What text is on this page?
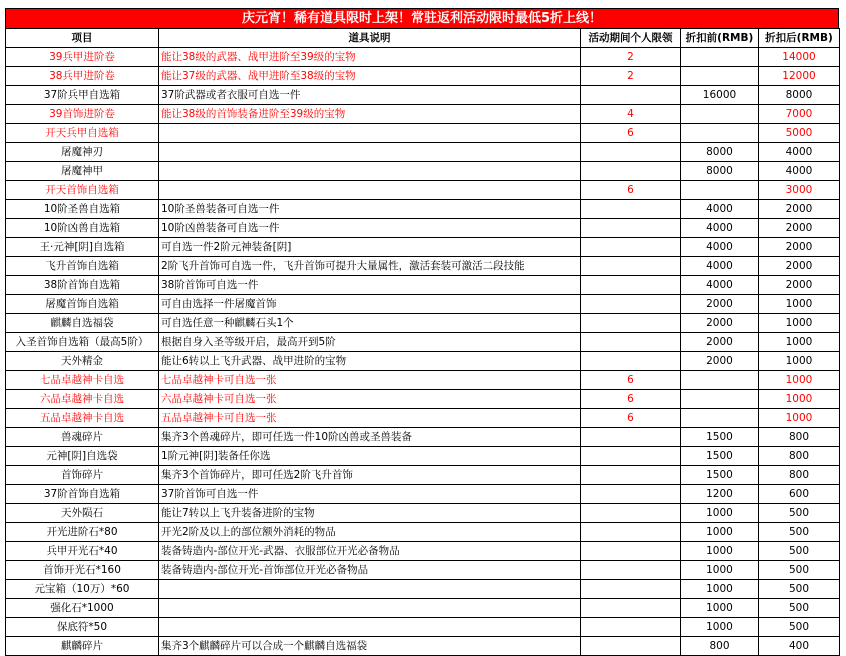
庆元宵！稀有道具限时上架！常驻返利活动限时最低5折上线！
项目	道具说明	活动期间个人限领	折扣前(RMB)	折扣后(RMB)
39兵甲进阶卷	能让38级的武器、战甲进阶至39级的宝物	2		14000
38兵甲进阶卷	能让37级的武器、战甲进阶至38级的宝物	2		12000
37阶兵甲自选箱	37阶武器或者衣服可自选一件		16000	8000
39首饰进阶卷	能让38级的首饰装备进阶至39级的宝物	4		7000
开天兵甲自选箱		6		5000
屠魔神刃			8000	4000
屠魔神甲			8000	4000
开天首饰自选箱		6		3000
10阶圣兽自选箱	10阶圣兽装备可自选一件		4000	2000
10阶凶兽自选箱	10阶凶兽装备可自选一件		4000	2000
王·元神[阴]自选箱	可自选一件2阶元神装备[阴]		4000	2000
飞升首饰自选箱	2阶飞升首饰可自选一件，飞升首饰可提升大量属性，激活套装可激活二段技能		4000	2000
38阶首饰自选箱	38阶首饰可自选一件		4000	2000
屠魔首饰自选箱	可自由选择一件屠魔首饰		2000	1000
麒麟自选福袋	可自选任意一种麒麟石头1个		2000	1000
入圣首饰自选箱（最高5阶）	根据自身入圣等级开启，最高开到5阶		2000	1000
天外精金	能让6转以上飞升武器、战甲进阶的宝物		2000	1000
七品卓越神卡自选	七品卓越神卡可自选一张	6		1000
六品卓越神卡自选	六品卓越神卡可自选一张	6		1000
五品卓越神卡自选	五品卓越神卡可自选一张	6		1000
兽魂碎片	集齐3个兽魂碎片，即可任选一件10阶凶兽或圣兽装备		1500	800
元神[阴]自选袋	1阶元神[阴]装备任你选		1500	800
首饰碎片	集齐3个首饰碎片，即可任选2阶飞升首饰		1500	800
37阶首饰自选箱	37阶首饰可自选一件		1200	600
天外陨石	能让7转以上飞升装备进阶的宝物		1000	500
开光进阶石*80	开光2阶及以上的部位额外消耗的物品		1000	500
兵甲开光石*40	装备铸造内-部位开光-武器、衣服部位开光必备物品		1000	500
首饰开光石*160	装备铸造内-部位开光-首饰部位开光必备物品		1000	500
元宝箱（10万）*60			1000	500
强化石*1000			1000	500
保底符*50			1000	500
麒麟碎片	集齐3个麒麟碎片可以合成一个麒麟自选福袋		800	400
